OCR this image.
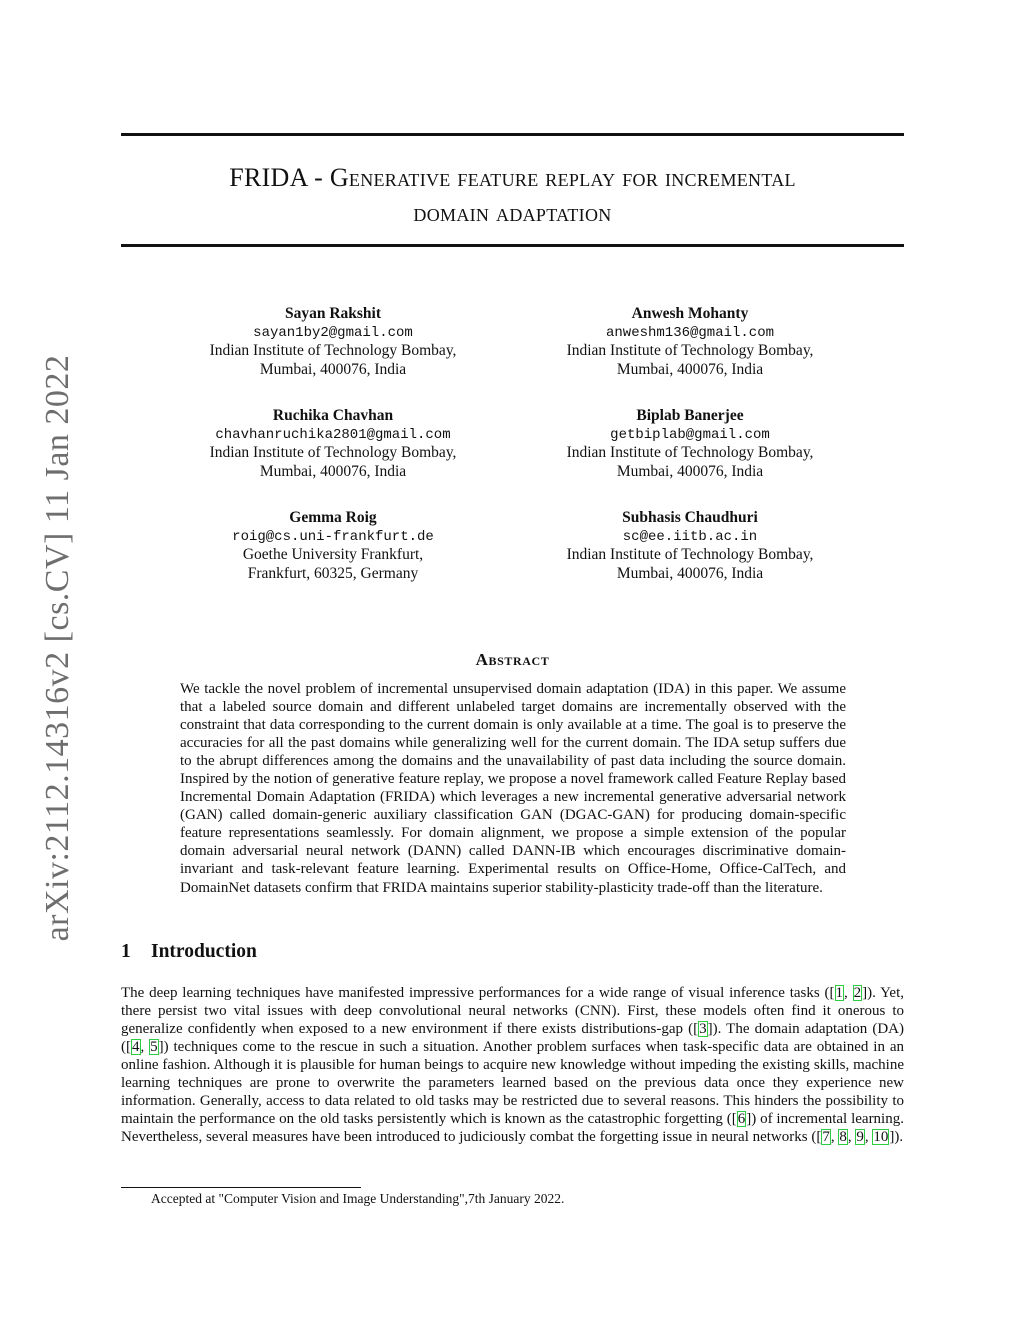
arXiv:2112.14316v2 [cs.CV] 11 Jan 2022
FRIDA - Generative feature replay for incremental
domain adaptation
Sayan Rakshit
sayan1by2@gmail.com
Indian Institute of Technology Bombay,
Mumbai, 400076, India
Anwesh Mohanty
anweshm136@gmail.com
Indian Institute of Technology Bombay,
Mumbai, 400076, India
Ruchika Chavhan
chavhanruchika2801@gmail.com
Indian Institute of Technology Bombay,
Mumbai, 400076, India
Biplab Banerjee
getbiplab@gmail.com
Indian Institute of Technology Bombay,
Mumbai, 400076, India
Gemma Roig
roig@cs.uni-frankfurt.de
Goethe University Frankfurt,
Frankfurt, 60325, Germany
Subhasis Chaudhuri
sc@ee.iitb.ac.in
Indian Institute of Technology Bombay,
Mumbai, 400076, India
Abstract

We tackle the novel problem of incremental unsupervised domain adaptation (IDA) in this paper. We assume that a labeled source domain and different unlabeled target domains are incrementally observed with the constraint that data corresponding to the current domain is only available at a time. The goal is to preserve the accuracies for all the past domains while generalizing well for the current domain. The IDA setup suffers due to the abrupt differences among the domains and the unavailability of past data including the source domain. Inspired by the notion of generative feature replay, we propose a novel framework called Feature Replay based Incremental Domain Adaptation (FRIDA) which leverages a new incremental generative adversarial network (GAN) called domain-generic auxiliary classification GAN (DGAC-GAN) for producing domain-specific feature representations seamlessly. For domain alignment, we propose a simple extension of the popular domain adversarial neural network (DANN) called DANN-IB which encourages discriminative domain-invariant and task-relevant feature learning. Experimental results on Office-Home, Office-CalTech, and DomainNet datasets confirm that FRIDA maintains superior stability-plasticity trade-off than the literature.

1 Introduction

The deep learning techniques have manifested impressive performances for a wide range of visual inference tasks ([1, 2]). Yet, there persist two vital issues with deep convolutional neural networks (CNN). First, these models often find it onerous to generalize confidently when exposed to a new environment if there exists distributions-gap ([3]). The domain adaptation (DA) ([4, 5]) techniques come to the rescue in such a situation. Another problem surfaces when task-specific data are obtained in an online fashion. Although it is plausible for human beings to acquire new knowledge without impeding the existing skills, machine learning techniques are prone to overwrite the parameters learned based on the previous data once they experience new information. Generally, access to data related to old tasks may be restricted due to several reasons. This hinders the possibility to maintain the performance on the old tasks persistently which is known as the catastrophic forgetting ([6]) of incremental learning. Nevertheless, several measures have been introduced to judiciously combat the forgetting issue in neural networks ([7, 8, 9, 10]).

Accepted at "Computer Vision and Image Understanding",7th January 2022.
